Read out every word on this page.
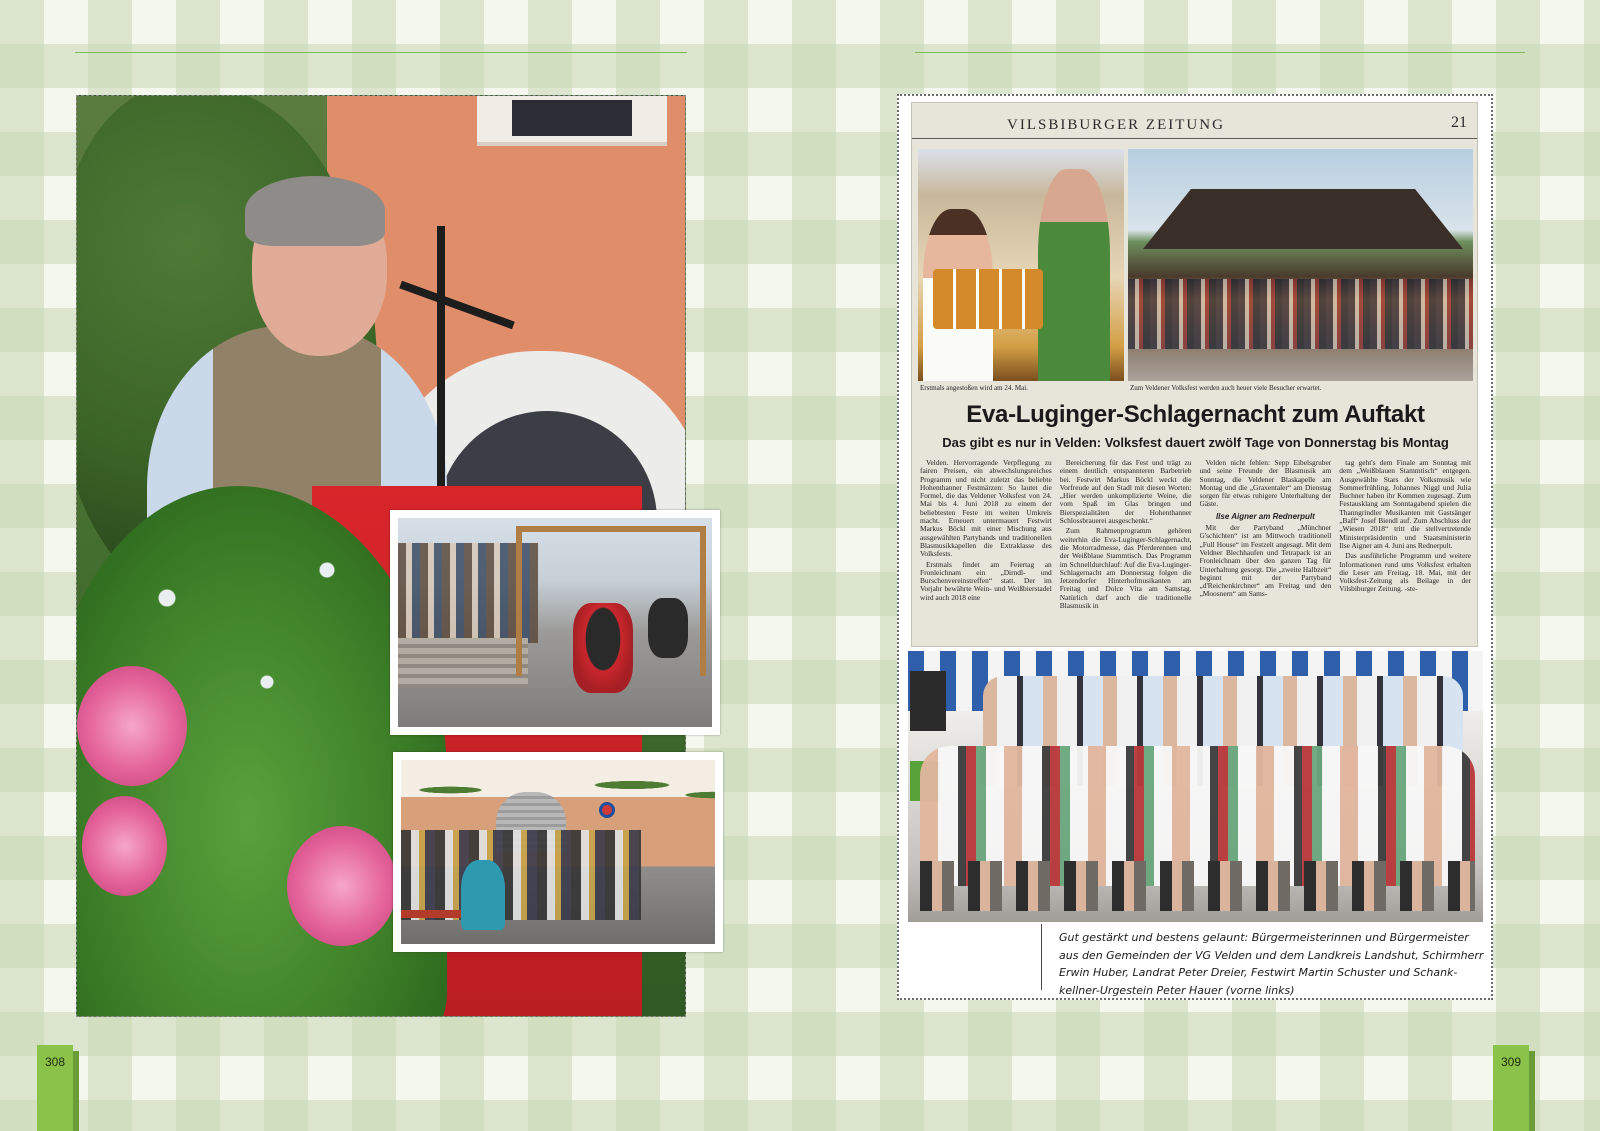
308
VILSBIBURGER ZEITUNG	21
Erstmals angestoßen wird am 24. Mai.	Zum Veldener Volksfest werden auch heuer viele Besucher erwartet.
Eva-Luginger-Schlagernacht zum Auftakt
Das gibt es nur in Velden: Volksfest dauert zwölf Tage von Donnerstag bis Montag

Velden. Hervorragende Verpflegung zu fairen Preisen, ein abwechslungsreiches Programm und nicht zuletzt das beliebte Hohenthanner Festmärzen: So lautet die Formel, die das Veldener Volksfest von 24. Mai bis 4. Juni 2018 zu einem der beliebtesten Feste im weiten Umkreis macht. Erneuert untermauert Festwirt Markus Böckl mit einer Mischung aus ausgewählten Partybands und traditionellen Blasmusikkapellen die Extraklasse des Volksfests.

Erstmals findet am Feiertag an Fronleichnam ein „Dirndl- und Burschenvereinstreffen“ statt. Der im Vorjahr bewährte Wein- und Weißbierstadel wird auch 2018 eine

Bereicherung für das Fest und trägt zu einem deutlich entspannteren Barbetrieb bei. Festwirt Markus Böckl weckt die Vorfreude auf den Stadl mit diesen Worten: „Hier werden unkomplizierte Weine, die vom Spaß im Glas bringen und Bierspezialitäten der Hohenthanner Schlossbrauerei ausgeschenkt.“

Zum Rahmenprogramm gehören weiterhin die Eva-Luginger-Schlagernacht, die Motorradmesse, das Pferderennen und der Weißblaue Stammtisch. Das Programm im Schnelldurchlauf: Auf die Eva-Luginger-Schlagernacht am Donnerstag folgen die Jetzendorfer Hinterhofmusikanten am Freitag und Dolce Vita am Samstag. Natürlich darf auch die traditionelle Blasmusik in

Velden nicht fehlen: Sepp Eibelsgruber und seine Freunde der Blasmusik am Sonntag, die Veldener Blaskapelle am Montag und die „Graxentaler“ am Dienstag sorgen für etwas ruhigere Unterhaltung der Gäste.

Ilse Aigner am Rednerpult

Mit der Partyband „Münchner G'schichten“ ist am Mittwoch traditionell „Full House“ im Festzelt angesagt. Mit dem Veldner Blechhaufen und Tetrapack ist an Fronleichnam über den ganzen Tag für Unterhaltung gesorgt. Die „zweite Halbzeit“ beginnt mit der Partyband „d'Reichenkirchner“ am Freitag und den „Moosnern“ am Sams-

tag geht's dem Finale am Sonntag mit dem „Weißblauen Stammtisch“ entgegen. Ausgewählte Stars der Volksmusik wie Sommerfrühling, Johannes Niggl und Julia Buchner haben ihr Kommen zugesagt. Zum Festausklang am Sonntagabend spielen die Thanngrindler Musikanten mit Gastsänger „Baff“ Josef Biendl auf. Zum Abschluss der „Wiesen 2018“ tritt die stellvertretende Ministerpräsidentin und Staatsministerin Ilse Aigner am 4. Juni ans Rednerpult.

Das ausführliche Programm und weitere Informationen rund ums Volksfest erhalten die Leser am Freitag, 18. Mai, mit der Volksfest-Zeitung als Beilage in der Vilsbiburger Zeitung. -ste-

Gut gestärkt und bestens gelaunt: Bürgermeisterinnen und Bürgermeister
aus den Gemeinden der VG Velden und dem Landkreis Landshut, Schirmherr
Erwin Huber, Landrat Peter Dreier, Festwirt Martin Schuster und Schank-
kellner-Urgestein Peter Hauer (vorne links)
309
